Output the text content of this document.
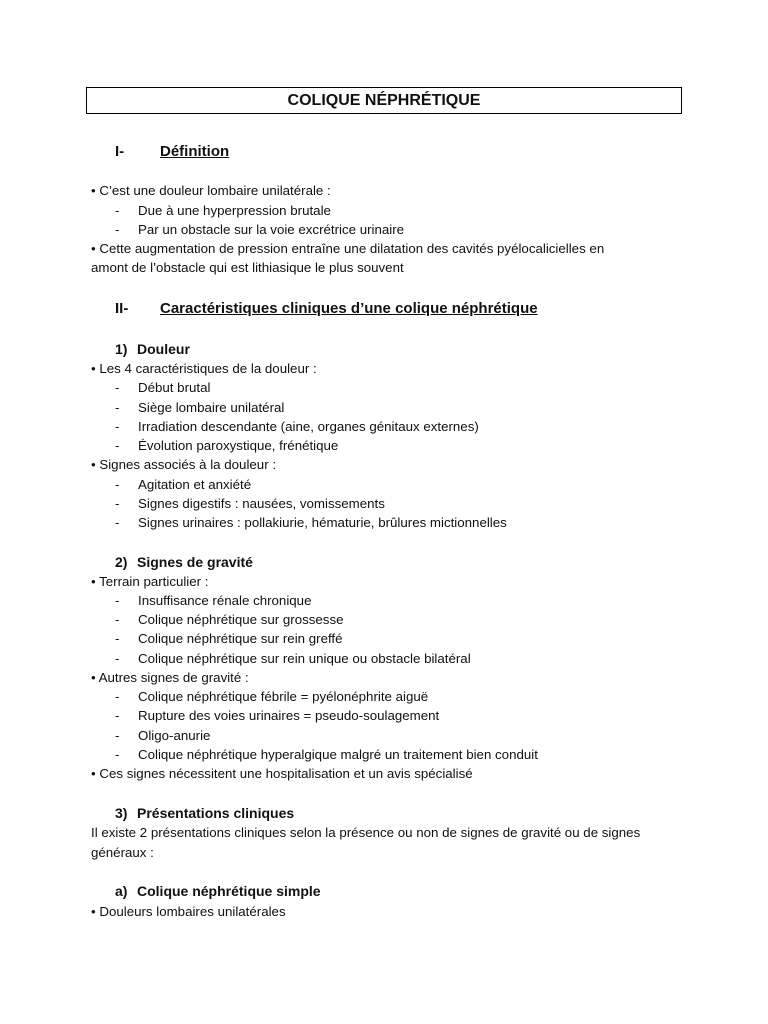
COLIQUE NÉPHRÉTIQUE
I- Définition
• C’est une douleur lombaire unilatérale :
- Due à une hyperpression brutale
- Par un obstacle sur la voie excrétrice urinaire
• Cette augmentation de pression entraîne une dilatation des cavités pyélocalicielles en
amont de l’obstacle qui est lithiasique le plus souvent
II- Caractéristiques cliniques d’une colique néphrétique
1) Douleur
• Les 4 caractéristiques de la douleur :
- Début brutal
- Siège lombaire unilatéral
- Irradiation descendante (aine, organes génitaux externes)
- Évolution paroxystique, frénétique
• Signes associés à la douleur :
- Agitation et anxiété
- Signes digestifs : nausées, vomissements
- Signes urinaires : pollakiurie, hématurie, brûlures mictionnelles
2) Signes de gravité
• Terrain particulier :
- Insuffisance rénale chronique
- Colique néphrétique sur grossesse
- Colique néphrétique sur rein greffé
- Colique néphrétique sur rein unique ou obstacle bilatéral
• Autres signes de gravité :
- Colique néphrétique fébrile = pyélonéphrite aiguë
- Rupture des voies urinaires = pseudo-soulagement
- Oligo-anurie
- Colique néphrétique hyperalgique malgré un traitement bien conduit
• Ces signes nécessitent une hospitalisation et un avis spécialisé
3) Présentations cliniques
Il existe 2 présentations cliniques selon la présence ou non de signes de gravité ou de signes
généraux :
a) Colique néphrétique simple
• Douleurs lombaires unilatérales
